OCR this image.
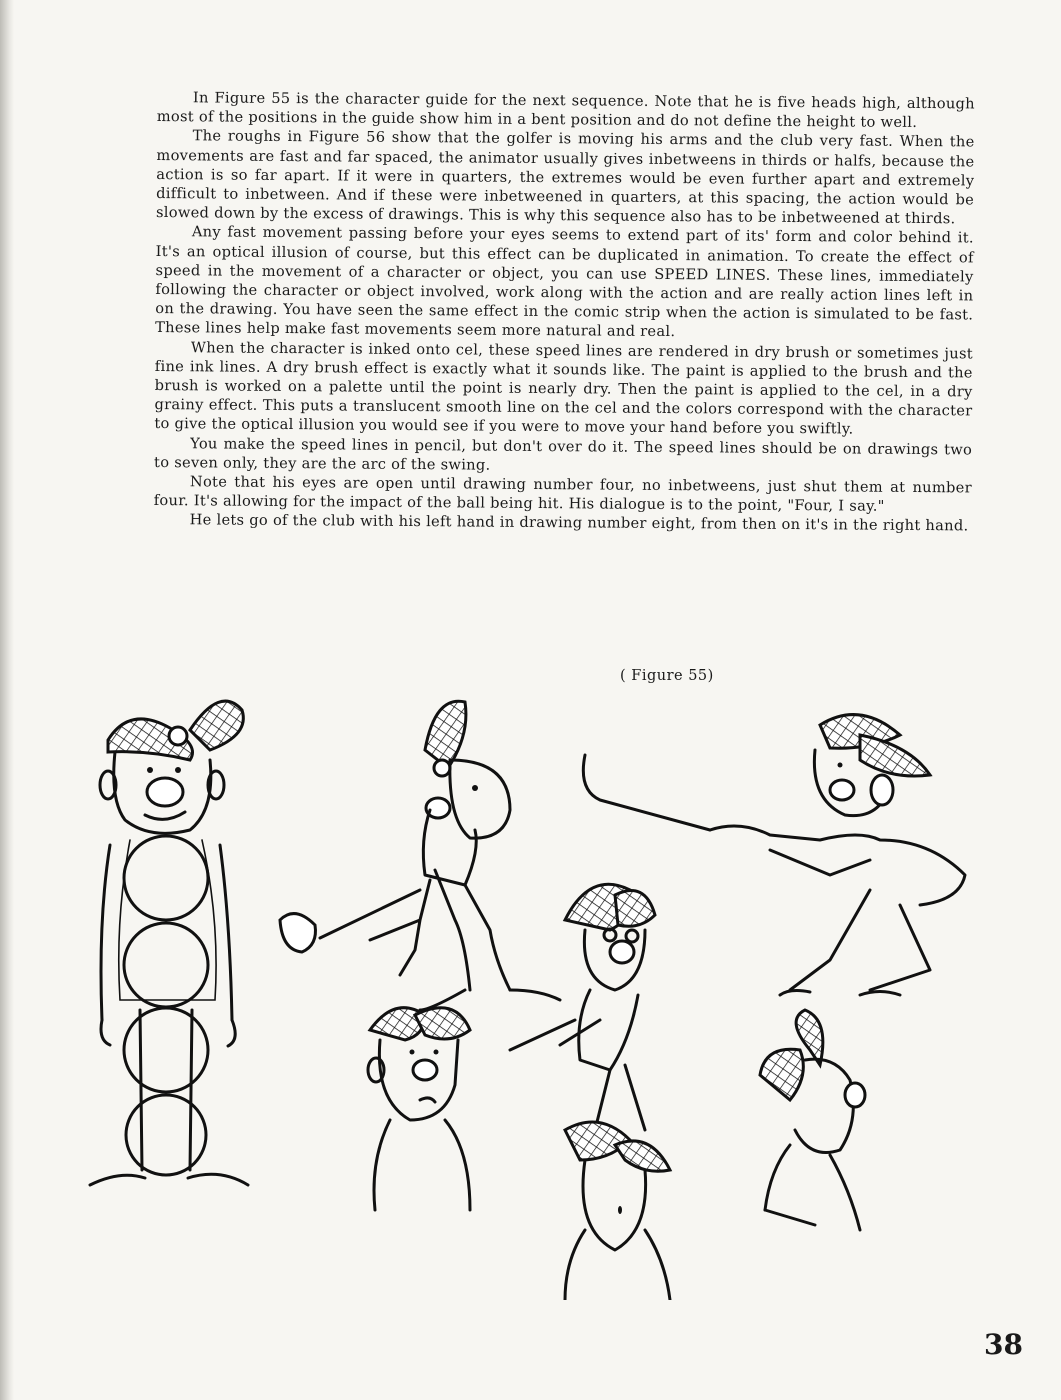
In Figure 55 is the character guide for the next sequence. Note that he is five heads high, although most of the positions in the guide show him in a bent position and do not define the height to well.

The roughs in Figure 56 show that the golfer is moving his arms and the club very fast. When the movements are fast and far spaced, the animator usually gives inbetweens in thirds or halfs, because the action is so far apart. If it were in quarters, the extremes would be even further apart and extremely difficult to inbetween. And if these were inbetweened in quarters, at this spacing, the action would be slowed down by the excess of drawings. This is why this sequence also has to be inbetweened at thirds.

Any fast movement passing before your eyes seems to extend part of its' form and color behind it. It's an optical illusion of course, but this effect can be duplicated in animation. To create the effect of speed in the movement of a character or object, you can use SPEED LINES. These lines, immediately following the character or object involved, work along with the action and are really action lines left in on the drawing. You have seen the same effect in the comic strip when the action is simulated to be fast. These lines help make fast movements seem more natural and real.

When the character is inked onto cel, these speed lines are rendered in dry brush or sometimes just fine ink lines. A dry brush effect is exactly what it sounds like. The paint is applied to the brush and the brush is worked on a palette until the point is nearly dry. Then the paint is applied to the cel, in a dry grainy effect. This puts a translucent smooth line on the cel and the colors correspond with the character to give the optical illusion you would see if you were to move your hand before you swiftly.

You make the speed lines in pencil, but don't over do it. The speed lines should be on drawings two to seven only, they are the arc of the swing.

Note that his eyes are open until drawing number four, no inbetweens, just shut them at number four. It's allowing for the impact of the ball being hit. His dialogue is to the point, "Four, I say."

He lets go of the club with his left hand in drawing number eight, from then on it's in the right hand.

( Figure 55)
38
